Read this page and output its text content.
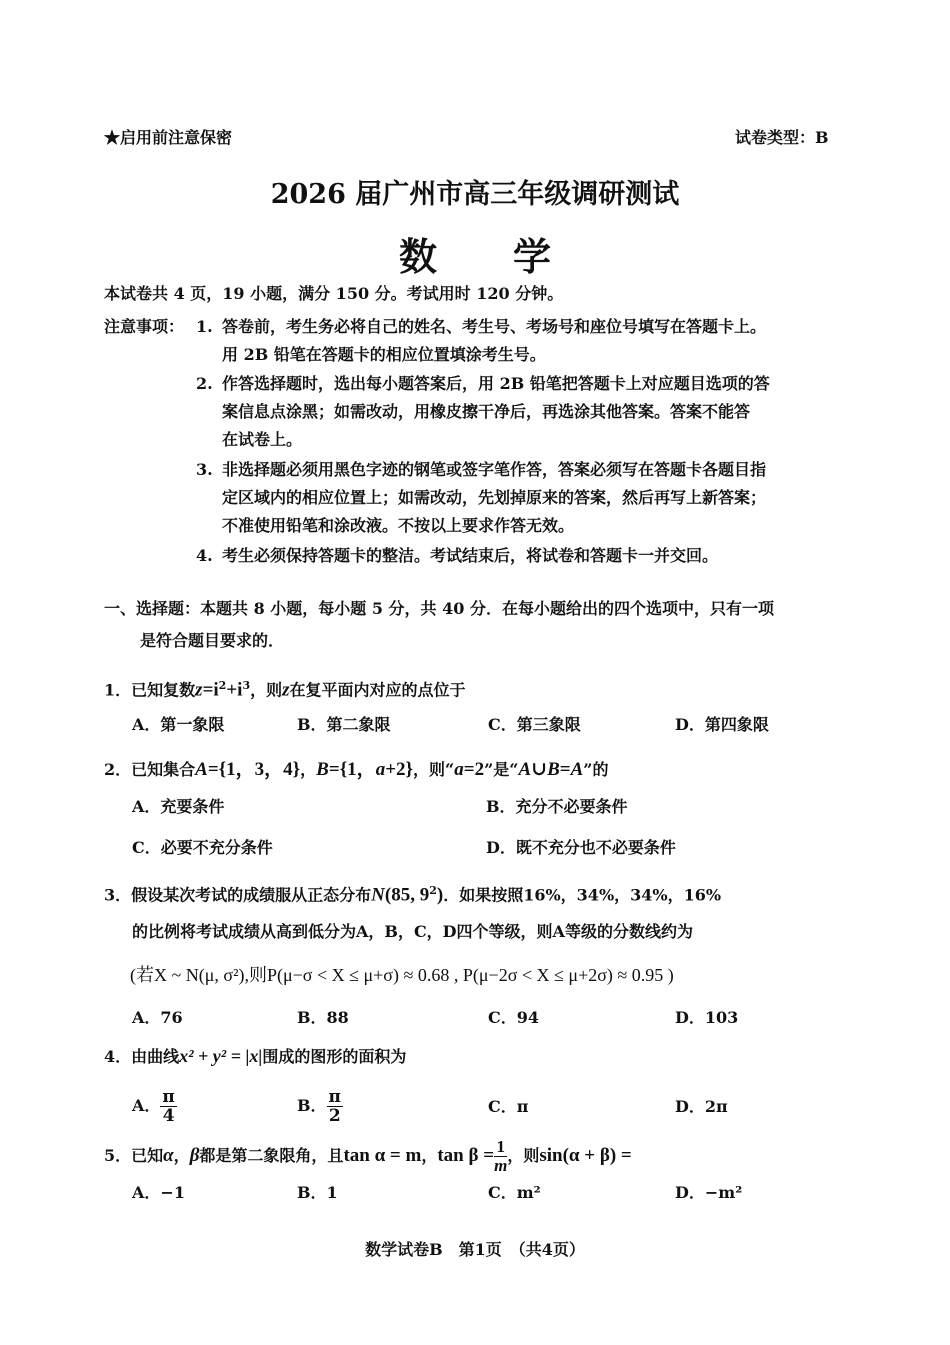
★启用前注意保密	试卷类型：B
2026 届广州市高三年级调研测试
数　　学
本试卷共 4 页，19 小题，满分 150 分。考试用时 120 分钟。
注意事项： 1. 答卷前，考生务必将自己的姓名、考生号、考场号和座位号填写在答题卡上。
用 2B 铅笔在答题卡的相应位置填涂考生号。
2. 作答选择题时，选出每小题答案后，用 2B 铅笔把答题卡上对应题目选项的答
案信息点涂黑；如需改动，用橡皮擦干净后，再选涂其他答案。答案不能答
在试卷上。
3. 非选择题必须用黑色字迹的钢笔或签字笔作答，答案必须写在答题卡各题目指
定区域内的相应位置上；如需改动，先划掉原来的答案，然后再写上新答案；
不准使用铅笔和涂改液。不按以上要求作答无效。
4. 考生必须保持答题卡的整洁。考试结束后，将试卷和答题卡一并交回。
一、选择题：本题共 8 小题，每小题 5 分，共 40 分．在每小题给出的四个选项中，只有一项
是符合题目要求的．
1．已知复数$z=i^2+i^3$，则z在复平面内对应的点位于
A．第一象限	B．第二象限	C．第三象限	D．第四象限
2．已知集合A={1，3，4}，B={1，a+2}，则“a=2”是“A∪B=A”的
A．充要条件	B．充分不必要条件
C．必要不充分条件	D．既不充分也不必要条件
3．假设某次考试的成绩服从正态分布N(85, $9^2$)．如果按照16%，34%，34%，16%
的比例将考试成绩从高到低分为A，B，C，D四个等级，则A等级的分数线约为
(若X ~ N(μ, σ²),则P(μ−σ < X ≤ μ+σ) ≈ 0.68 , P(μ−2σ < X ≤ μ+2σ) ≈ 0.95 )
A．76	B．88	C．94	D．103
4．由曲线x² + y² = |x|围成的图形的面积为
A． $\frac{\pi}{4}$	B． $\frac{\pi}{2}$	C．π	D．2π
5．已知α，β都是第二象限角，且tan α = m，$\tan \beta = \frac{1}{m}$ ，则sin(α + β) =
A．−1	B．1	C．m²	D．−m²
数学试卷B　第1页　（共4页）
